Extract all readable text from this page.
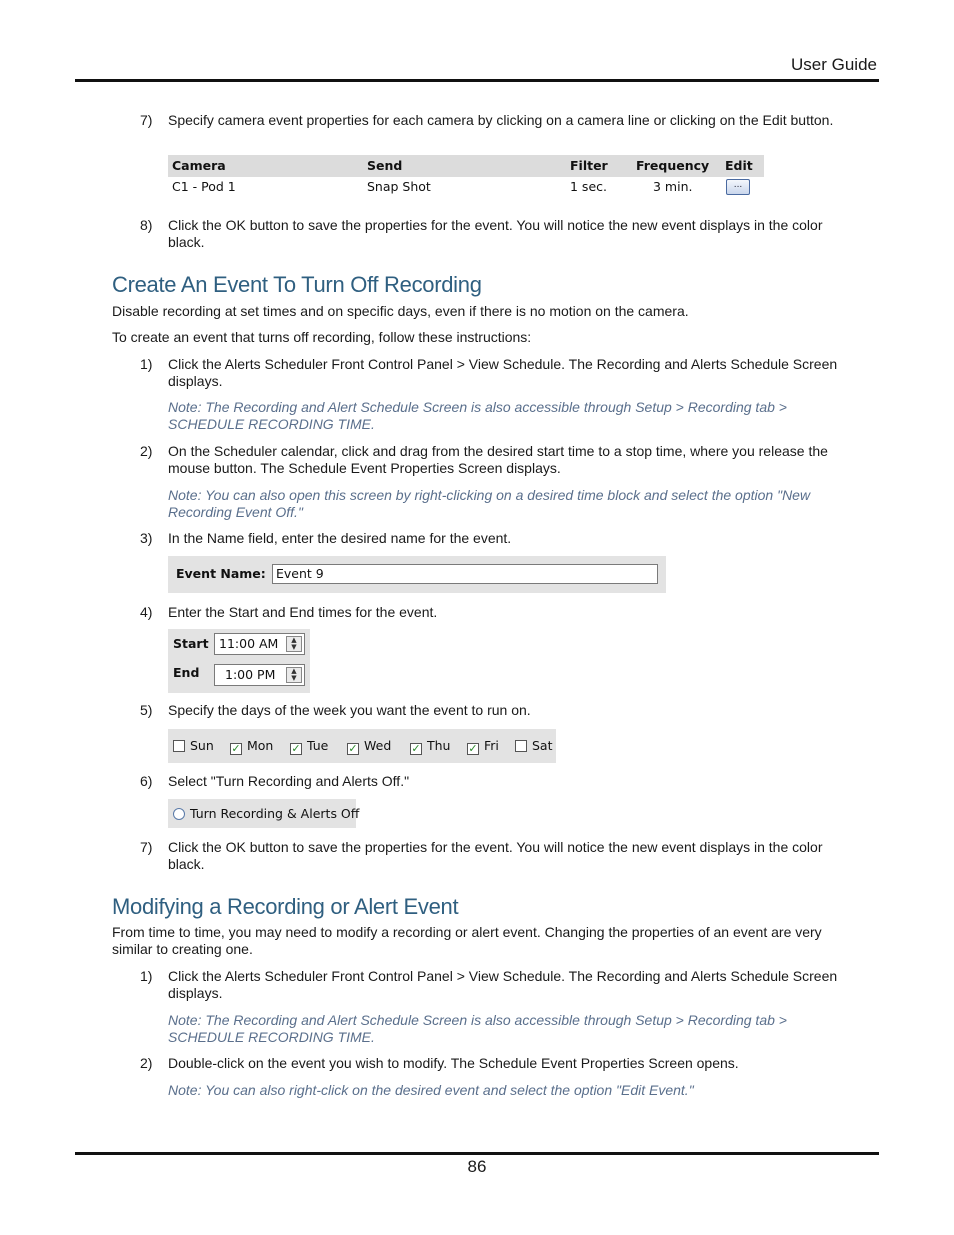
User Guide
7)	Specify camera event properties for each camera by clicking on a camera line or clicking on the Edit button.
Camera	Send	Filter Frequency Edit
C1 - Pod 1	Snap Shot	1 sec.	3 min.	...
8)	Click the OK button to save the properties for the event. You will notice the new event displays in the color black.
Create An Event To Turn Off Recording
Disable recording at set times and on specific days, even if there is no motion on the camera.
To create an event that turns off recording, follow these instructions:
1)	Click the Alerts Scheduler Front Control Panel > View Schedule. The Recording and Alerts Schedule Screen displays.
Note: The Recording and Alert Schedule Screen is also accessible through Setup > Recording tab > SCHEDULE RECORDING TIME.
2)	On the Scheduler calendar, click and drag from the desired start time to a stop time, where you release the mouse button. The Schedule Event Properties Screen displays.
Note: You can also open this screen by right-clicking on a desired time block and select the option "New Recording Event Off."
3)	In the Name field, enter the desired name for the event.
Event Name: Event 9
4)	Enter the Start and End times for the event.
Start 11:00 AM	▲
▼
End	1:00 PM	▲
▼
5)	Specify the days of the week you want the event to run on.
Sun ✓ Mon ✓ Tue ✓ Wed ✓ Thu ✓ Fri	Sat
6)	Select "Turn Recording and Alerts Off."
Turn Recording & Alerts Off
7)	Click the OK button to save the properties for the event. You will notice the new event displays in the color black.
Modifying a Recording or Alert Event
From time to time, you may need to modify a recording or alert event. Changing the properties of an event are very similar to creating one.
1)	Click the Alerts Scheduler Front Control Panel > View Schedule. The Recording and Alerts Schedule Screen displays.
Note: The Recording and Alert Schedule Screen is also accessible through Setup > Recording tab > SCHEDULE RECORDING TIME.
2)	Double-click on the event you wish to modify. The Schedule Event Properties Screen opens.
Note: You can also right-click on the desired event and select the option "Edit Event."
86
